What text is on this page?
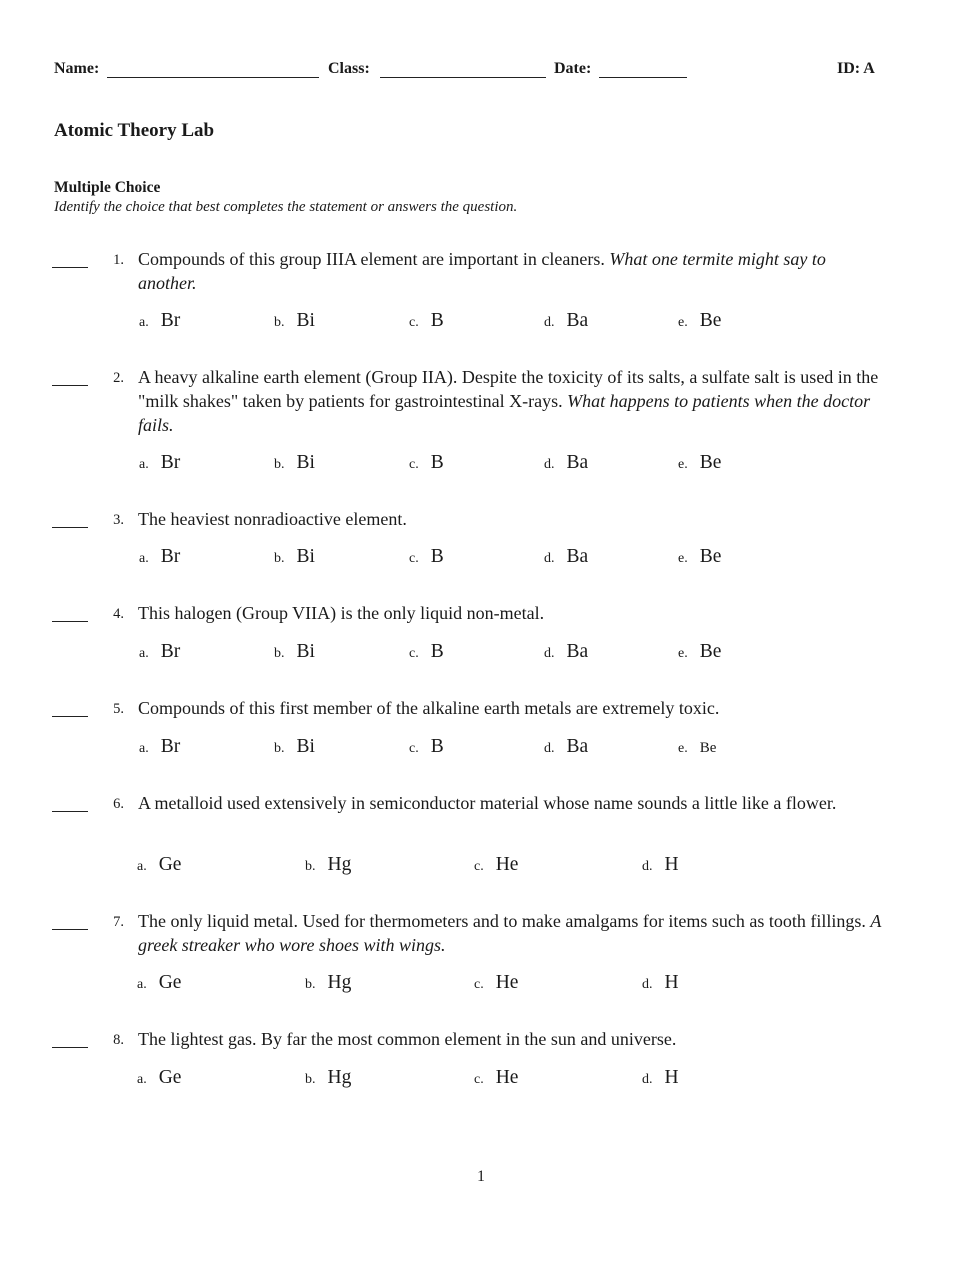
Name:	Class:	Date:	ID: A
Atomic Theory Lab
Multiple Choice
Identify the choice that best completes the statement or answers the question.
1. Compounds of this group IIIA element are important in cleaners. What one termite might say to another.
a. Br	b. Bi	c. B	d. Ba	e. Be
2. A heavy alkaline earth element (Group IIA). Despite the toxicity of its salts, a sulfate salt is used in the "milk shakes" taken by patients for gastrointestinal X-rays. What happens to patients when the doctor fails.
a. Br	b. Bi	c. B	d. Ba	e. Be
3. The heaviest nonradioactive element.
a. Br	b. Bi	c. B	d. Ba	e. Be
4. This halogen (Group VIIA) is the only liquid non-metal.
a. Br	b. Bi	c. B	d. Ba	e. Be
5. Compounds of this first member of the alkaline earth metals are extremely toxic.
a. Br	b. Bi	c. B	d. Ba	e. Be
6. A metalloid used extensively in semiconductor material whose name sounds a little like a flower.
a. Ge	b. Hg	c. He	d. H
7. The only liquid metal. Used for thermometers and to make amalgams for items such as tooth fillings. A greek streaker who wore shoes with wings.
a. Ge	b. Hg	c. He	d. H
8. The lightest gas. By far the most common element in the sun and universe.
a. Ge	b. Hg	c. He	d. H
1
